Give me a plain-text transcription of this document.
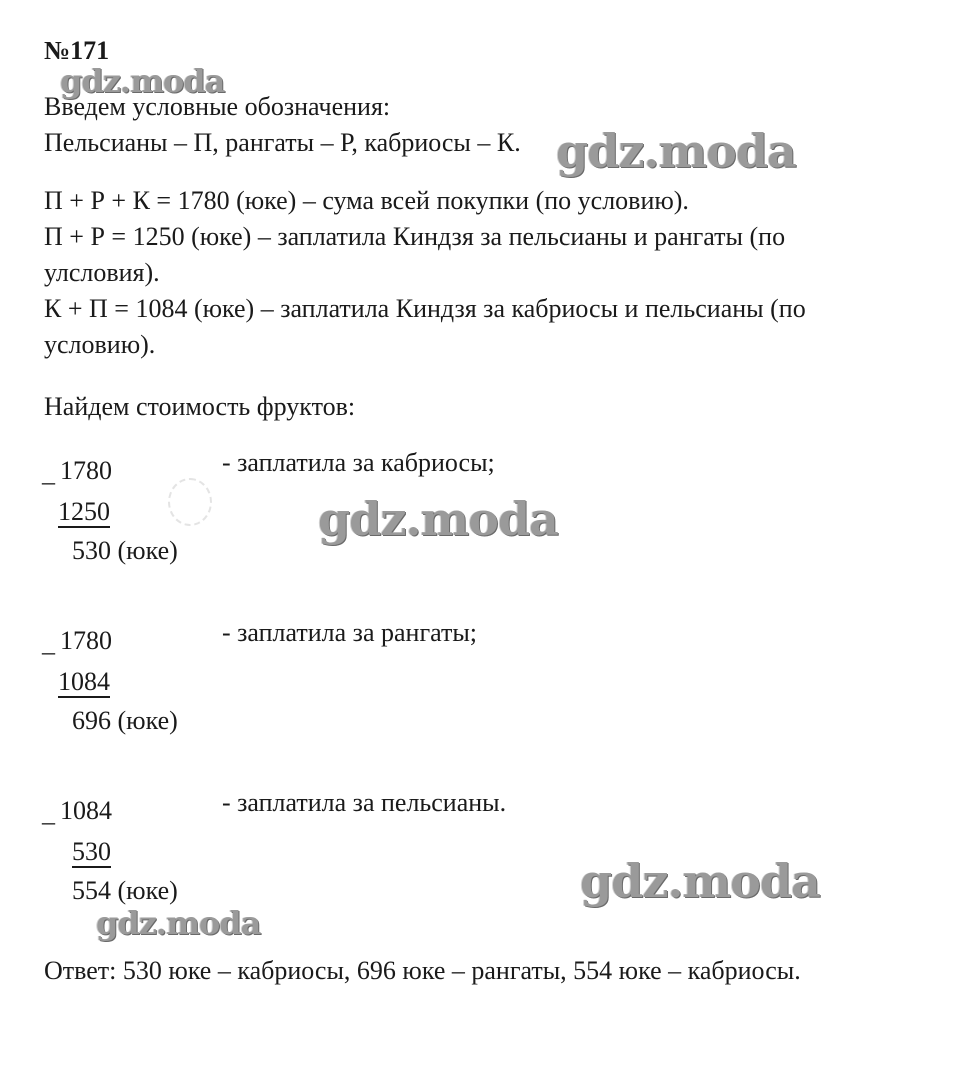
№171
Введем условные обозначения:
Пельсианы – П, рангаты – Р, кабриосы – К.
П + Р + К = 1780 (юке) – сума всей покупки (по условию).
П + Р = 1250 (юке) – заплатила Киндзя за пельсианы и рангаты (по
улсловия).
К + П = 1084 (юке) – заплатила Киндзя за кабриосы и пельсианы (по
условию).
Найдем стоимость фруктов:
_ 1780
1250
530 (юке)
- заплатила за кабриосы;
_ 1780
1084
696 (юке)
- заплатила за рангаты;
_ 1084
530
554 (юке)
- заплатила за пельсианы.
Ответ: 530 юке – кабриосы, 696 юке – рангаты, 554 юке – кабриосы.
gdz.moda
gdz.moda
gdz.moda
gdz.moda
gdz.moda
